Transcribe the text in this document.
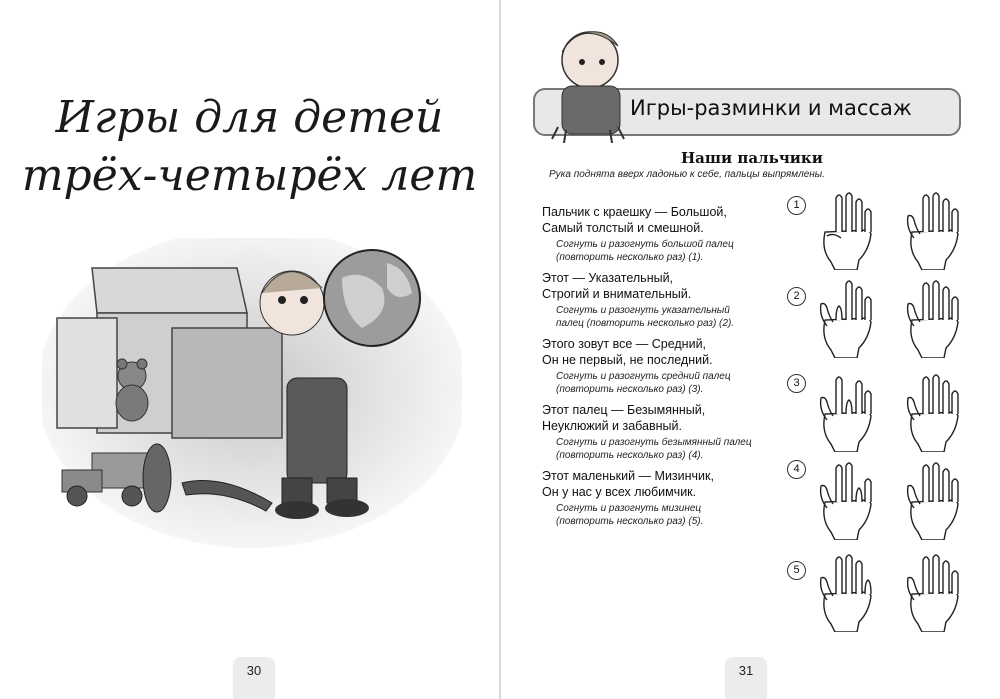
Игры для детей
трёх-четырёх лет
30
Игры-разминки и массаж
Наши пальчики
Рука поднята вверх ладонью к себе, пальцы выпрямлены.
Пальчик с краешку — Большой,
Самый толстый и смешной.
Согнуть и разогнуть большой палец
(повторить несколько раз) (1).
Этот — Указательный,
Строгий и внимательный.
Согнуть и разогнуть указательный
палец (повторить несколько раз) (2).
Этого зовут все — Средний,
Он не первый, не последний.
Согнуть и разогнуть средний палец
(повторить несколько раз) (3).
Этот палец — Безымянный,
Неуклюжий и забавный.
Согнуть и разогнуть безымянный палец
(повторить несколько раз) (4).
Этот маленький — Мизинчик,
Он у нас у всех любимчик.
Согнуть и разогнуть мизинец
(повторить несколько раз) (5).
1
2
3
4
5
31
